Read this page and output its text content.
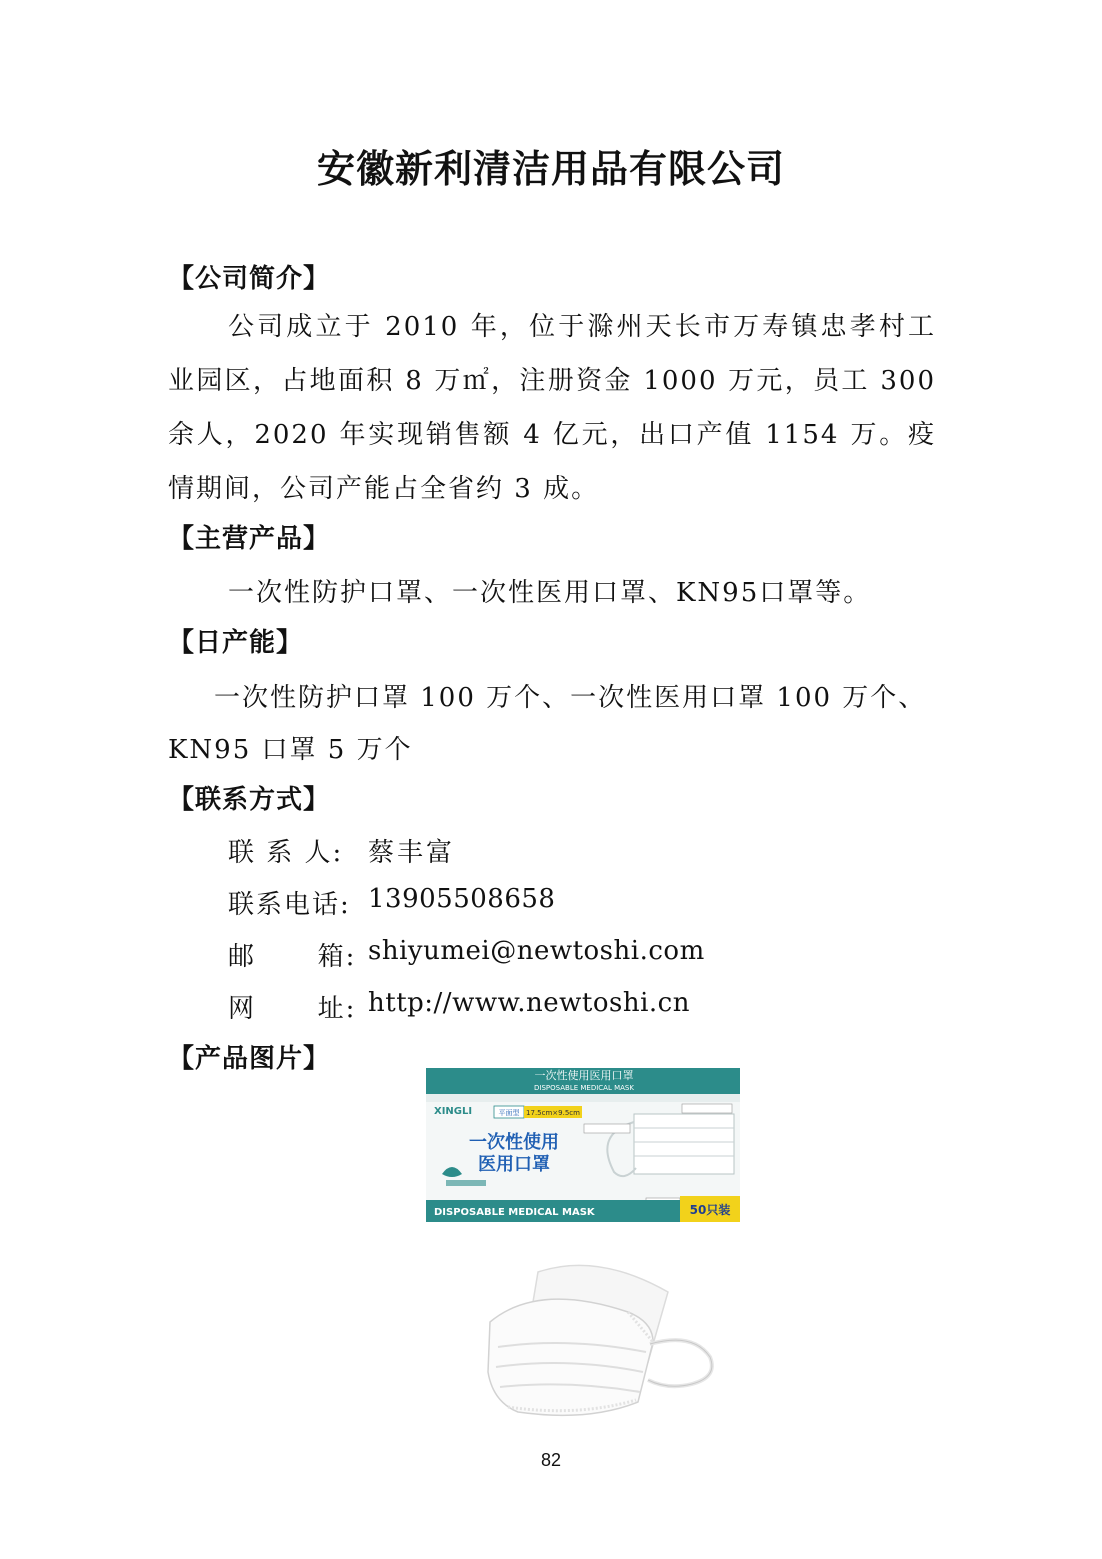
安徽新利清洁用品有限公司
【公司简介】
公司成立于 2010 年，位于滁州天长市万寿镇忠孝村工业园区，占地面积 8 万㎡，注册资金 1000 万元，员工 300 余人，2020 年实现销售额 4 亿元，出口产值 1154 万。疫情期间，公司产能占全省约 3 成。
【主营产品】
一次性防护口罩、一次性医用口罩、KN95口罩等。
【日产能】
一次性防护口罩 100 万个、一次性医用口罩 100 万个、
KN95 口罩 5 万个
【联系方式】
联 系 人: 蔡丰富
联系电话: 13905508658
邮      箱: shiyumei@newtoshi.com
网      址: http://www.newtoshi.cn
【产品图片】
一次性使用医用口罩
DISPOSABLE MEDICAL MASK
XINGLI	平面型 17.5cm×9.5cm
一次性使用
医用口罩
DISPOSABLE MEDICAL MASK	50只装
82
